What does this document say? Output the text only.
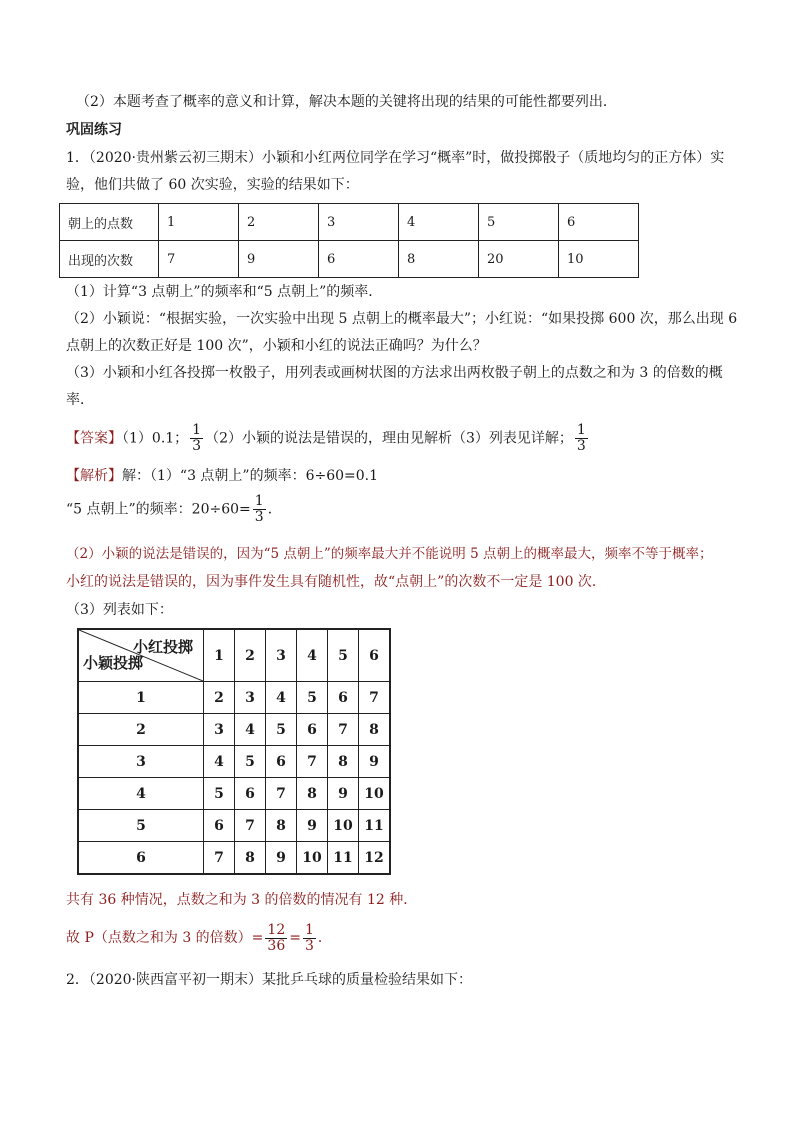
（2）本题考查了概率的意义和计算，解决本题的关键将出现的结果的可能性都要列出．
巩固练习
1．（2020·贵州紫云初三期末）小颖和小红两位同学在学习“概率”时，做投掷骰子（质地均匀的正方体）实
验，他们共做了 60 次实验，实验的结果如下：
朝上的点数	1	2	3	4	5	6
出现的次数	7	9	6	8	20	10
（1）计算“3 点朝上”的频率和“5 点朝上”的频率．
（2）小颖说：“根据实验，一次实验中出现 5 点朝上的概率最大”；小红说：“如果投掷 600 次，那么出现 6
点朝上的次数正好是 100 次”，小颖和小红的说法正确吗？为什么？
（3）小颖和小红各投掷一枚骰子，用列表或画树状图的方法求出两枚骰子朝上的点数之和为 3 的倍数的概
率．
【答案】（1）0.1； $\frac{1}{3} (2)$小颖的说法是错误的，理由见解析（3）列表见详解； $\frac{1}{3}$
【解析】解：（1）“3 点朝上”的频率：6÷60=0.1
“5 点朝上”的频率：$20\div 60= \frac{1}{3}$ ．
（2）小颖的说法是错误的，因为“5 点朝上”的频率最大并不能说明 5 点朝上的概率最大，频率不等于概率；
小红的说法是错误的，因为事件发生具有随机性，故“点朝上”的次数不一定是 100 次．
（3）列表如下：
小红投掷
小颖投掷	1	2	3	4	5	6
1	2	3	4	5	6	7
2	3	4	5	6	7	8
3	4	5	6	7	8	9
4	5	6	7	8	9	10
5	6	7	8	9	10	11
6	7	8	9	10	11	12
共有 36 种情况，点数之和为 3 的倍数的情况有 12 种．
故 P（点数之和为 3 的倍数）= $\frac{12}{36} = \frac{1}{3}$ ．
2．（2020·陕西富平初一期末）某批乒乓球的质量检验结果如下：
